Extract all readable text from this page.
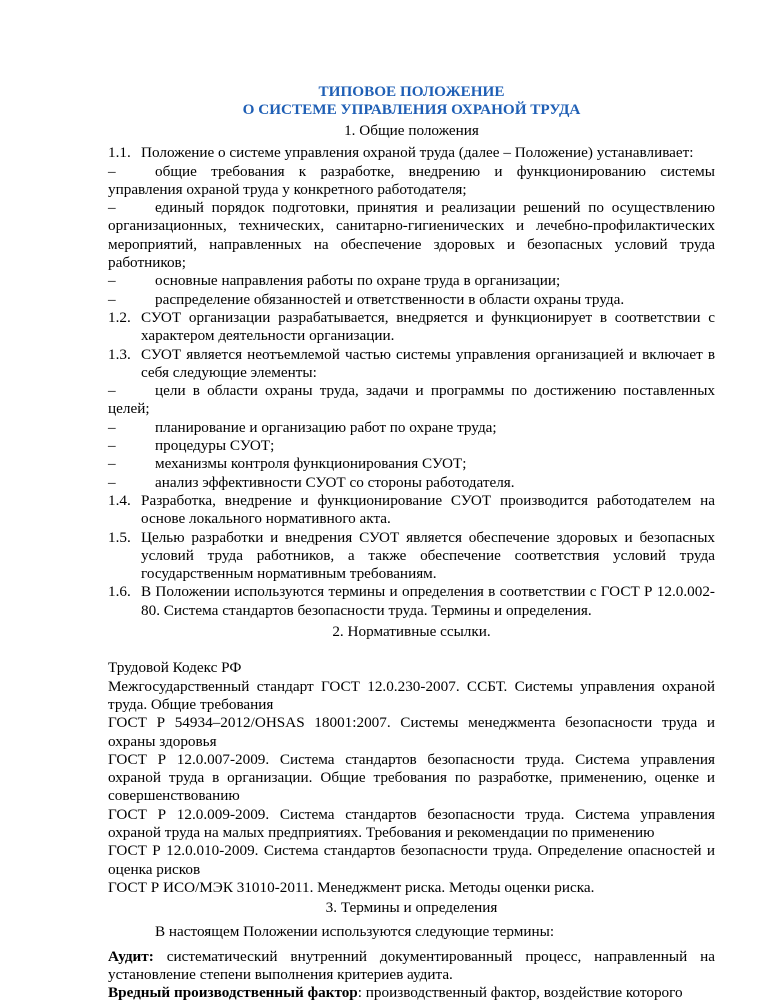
ТИПОВОЕ ПОЛОЖЕНИЕ
О СИСТЕМЕ УПРАВЛЕНИЯ ОХРАНОЙ ТРУДА
1. Общие положения
1.1. Положение о системе управления охраной труда (далее – Положение) устанавливает:

–	общие требования к разработке, внедрению и функционированию системы управления охраной труда у конкретного работодателя;

–	единый порядок подготовки, принятия и реализации решений по осуществлению организационных, технических, санитарно-гигиенических и лечебно-профилактических мероприятий, направленных на обеспечение здоровых и безопасных условий труда работников;

–	основные направления работы по охране труда в организации;

–	распределение обязанностей и ответственности в области охраны труда.

1.2. СУОТ организации разрабатывается, внедряется и функционирует в соответствии с характером деятельности организации.
1.3. СУОТ является неотъемлемой частью системы управления организацией и включает в себя следующие элементы:

–	цели в области охраны труда, задачи и программы по достижению поставленных целей;

–	планирование и организацию работ по охране труда;

–	процедуры СУОТ;

–	механизмы контроля функционирования СУОТ;

–	анализ эффективности СУОТ со стороны работодателя.

1.4. Разработка, внедрение и функционирование СУОТ производится работодателем на основе локального нормативного акта.
1.5. Целью разработки и внедрения СУОТ является обеспечение здоровых и безопасных условий труда работников, а также обеспечение соответствия условий труда государственным нормативным требованиям.
1.6. В Положении используются термины и определения в соответствии с ГОСТ Р 12.0.002-80. Система стандартов безопасности труда. Термины и определения.
2. Нормативные ссылки.

Трудовой Кодекс РФ

Межгосударственный стандарт ГОСТ 12.0.230-2007. ССБТ. Системы управления охраной труда. Общие требования

ГОСТ Р 54934–2012/OHSAS 18001:2007. Системы менеджмента безопасности труда и охраны здоровья

ГОСТ Р 12.0.007-2009. Система стандартов безопасности труда. Система управления охраной труда в организации. Общие требования по разработке, применению, оценке и совершенствованию

ГОСТ Р 12.0.009-2009. Система стандартов безопасности труда. Система управления охраной труда на малых предприятиях. Требования и рекомендации по применению

ГОСТ Р 12.0.010-2009. Система стандартов безопасности труда. Определение опасностей и оценка рисков

ГОСТ Р ИСО/МЭК 31010-2011. Менеджмент риска. Методы оценки риска.

3. Термины и определения

В настоящем Положении используются следующие термины:

Аудит: систематический внутренний документированный процесс, направленный на установление степени выполнения критериев аудита.

Вредный производственный фактор: производственный фактор, воздействие которого
